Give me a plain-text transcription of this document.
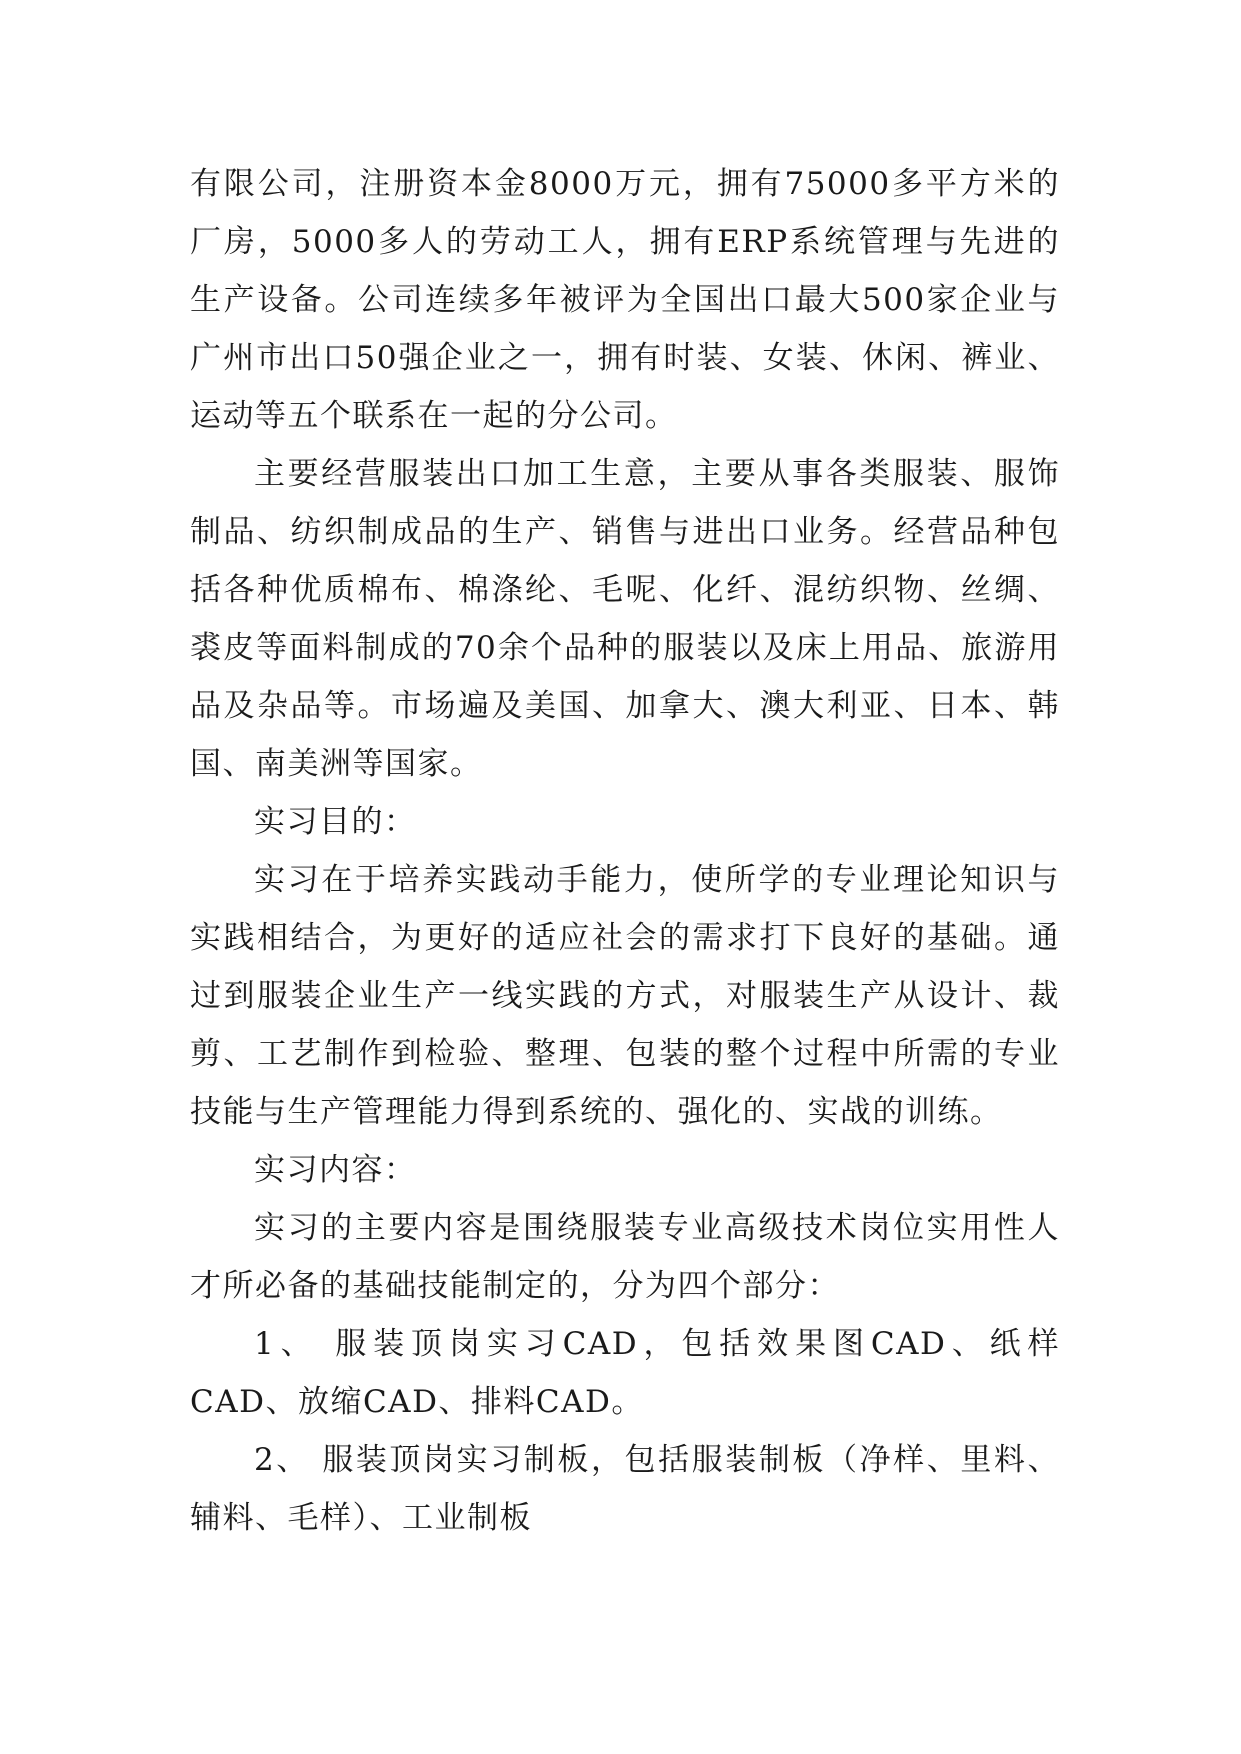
有限公司，注册资本金8000万元，拥有75000多平方米的厂房，5000多人的劳动工人，拥有ERP系统管理与先进的生产设备。公司连续多年被评为全国出口最大500家企业与广州市出口50强企业之一，拥有时装、女装、休闲、裤业、运动等五个联系在一起的分公司。

主要经营服装出口加工生意，主要从事各类服装、服饰制品、纺织制成品的生产、销售与进出口业务。经营品种包括各种优质棉布、棉涤纶、毛呢、化纤、混纺织物、丝绸、裘皮等面料制成的70余个品种的服装以及床上用品、旅游用品及杂品等。市场遍及美国、加拿大、澳大利亚、日本、韩国、南美洲等国家。

实习目的：

实习在于培养实践动手能力，使所学的专业理论知识与实践相结合，为更好的适应社会的需求打下良好的基础。通过到服装企业生产一线实践的方式，对服装生产从设计、裁剪、工艺制作到检验、整理、包装的整个过程中所需的专业技能与生产管理能力得到系统的、强化的、实战的训练。

实习内容：

实习的主要内容是围绕服装专业高级技术岗位实用性人才所必备的基础技能制定的，分为四个部分：

1、 服装顶岗实习CAD，包括效果图CAD、纸样CAD、放缩CAD、排料CAD。

2、 服装顶岗实习制板，包括服装制板（净样、里料、辅料、毛样）、工业制板
